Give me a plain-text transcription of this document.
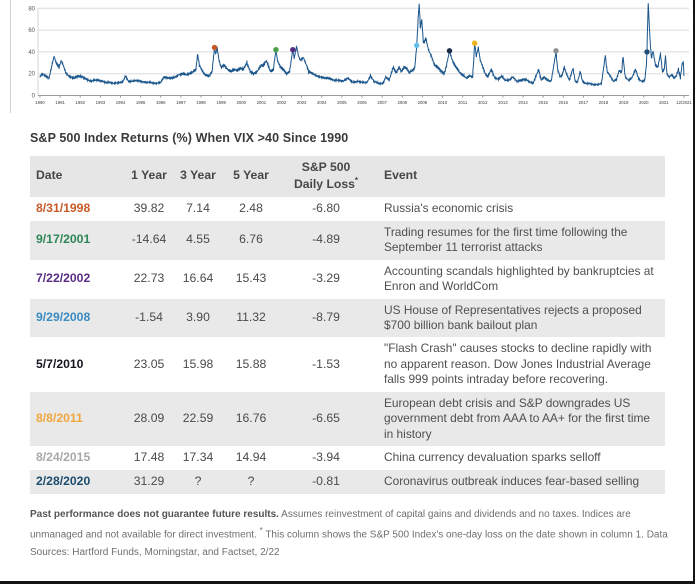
0
20
40
60
80
1990 1991 1992 1993 1994 1995 1996 1997 1998 1999 2000 2001 2002 2003 2004 2005 2006 2007 2008 2009 2010 2011 2012 2013 2014 2015 2016 2017 2018 2019 2020 2021 12/2021
S&P 500 Index Returns (%) When VIX >40 Since 1990
Date	1 Year	3 Year	5 Year	S&P 500
Daily Loss*	Event
8/31/1998	39.82	7.14	2.48	-6.80	Russia's economic crisis
9/17/2001	-14.64	4.55	6.76	-4.89	Trading resumes for the first time following the September 11 terrorist attacks
7/22/2002	22.73	16.64	15.43	-3.29	Accounting scandals highlighted by bankruptcies at Enron and WorldCom
9/29/2008	-1.54	3.90	11.32	-8.79	US House of Representatives rejects a proposed $700 billion bank bailout plan
5/7/2010	23.05	15.98	15.88	-1.53	"Flash Crash" causes stocks to decline rapidly with no apparent reason. Dow Jones Industrial Average falls 999 points intraday before recovering.
8/8/2011	28.09	22.59	16.76	-6.65	European debt crisis and S&P downgrades US government debt from AAA to AA+ for the first time in history
8/24/2015	17.48	17.34	14.94	-3.94	China currency devaluation sparks selloff
2/28/2020	31.29	?	?	-0.81	Coronavirus outbreak induces fear-based selling

Past performance does not guarantee future results. Assumes reinvestment of capital gains and dividends and no taxes. Indices are unmanaged and not available for direct investment. * This column shows the S&P 500 Index's one-day loss on the date shown in column 1. Data Sources: Hartford Funds, Morningstar, and Factset, 2/22
